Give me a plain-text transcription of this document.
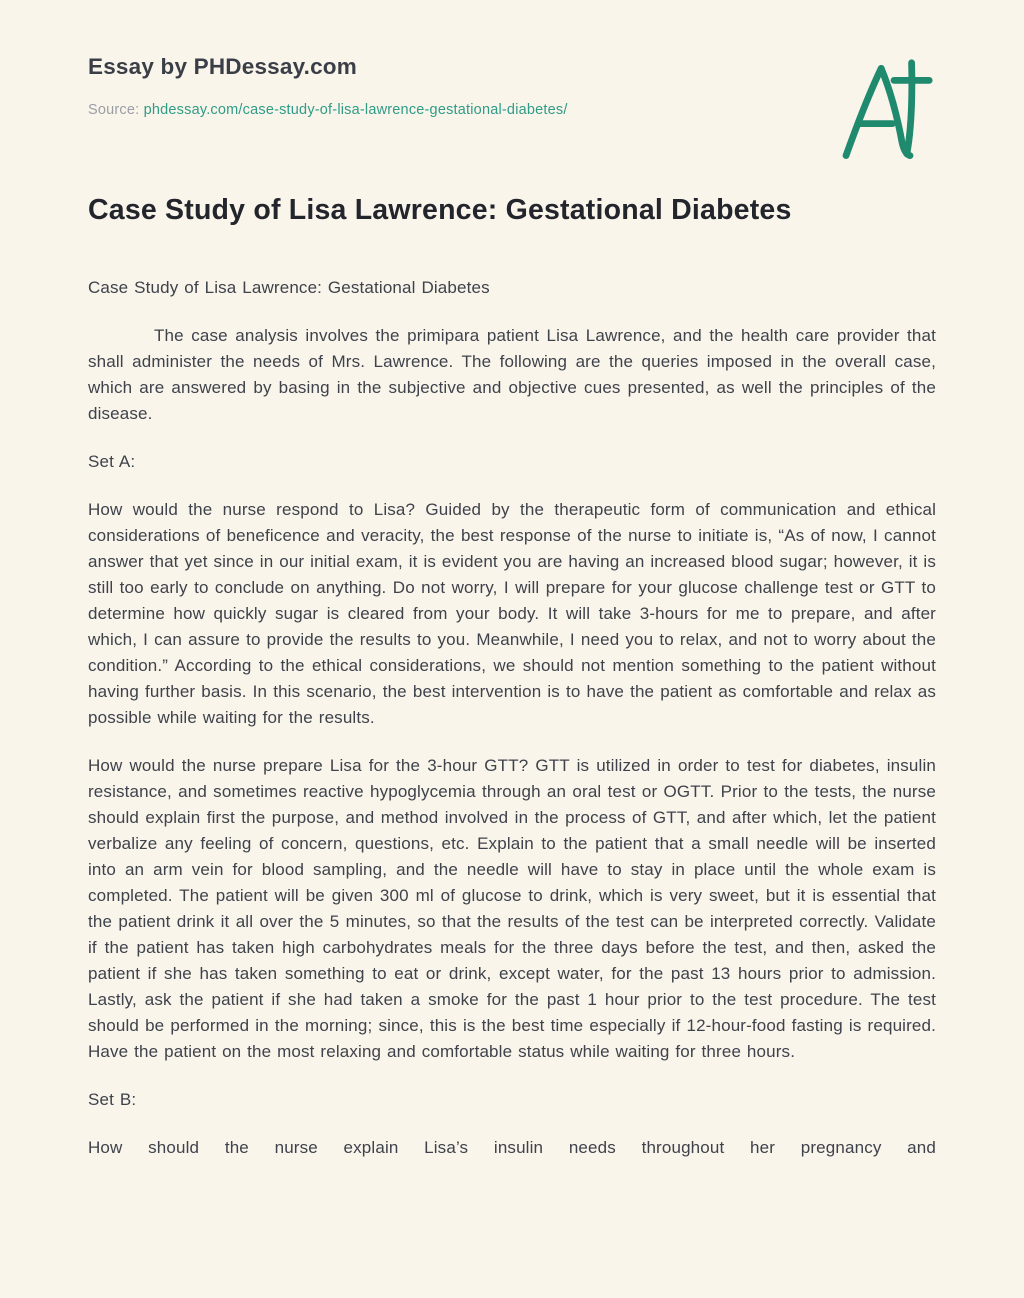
Essay by PHDessay.com

Source: phdessay.com/case-study-of-lisa-lawrence-gestational-diabetes/

Case Study of Lisa Lawrence: Gestational Diabetes

Case Study of Lisa Lawrence: Gestational Diabetes

The case analysis involves the primipara patient Lisa Lawrence, and the health care provider that shall administer the needs of Mrs. Lawrence. The following are the queries imposed in the overall case, which are answered by basing in the subjective and objective cues presented, as well the principles of the disease.

Set A:

How would the nurse respond to Lisa? Guided by the therapeutic form of communication and ethical considerations of beneficence and veracity, the best response of the nurse to initiate is, “As of now, I cannot answer that yet since in our initial exam, it is evident you are having an increased blood sugar; however, it is still too early to conclude on anything. Do not worry, I will prepare for your glucose challenge test or GTT to determine how quickly sugar is cleared from your body. It will take 3-hours for me to prepare, and after which, I can assure to provide the results to you. Meanwhile, I need you to relax, and not to worry about the condition.” According to the ethical considerations, we should not mention something to the patient without having further basis. In this scenario, the best intervention is to have the patient as comfortable and relax as possible while waiting for the results.

How would the nurse prepare Lisa for the 3-hour GTT? GTT is utilized in order to test for diabetes, insulin resistance, and sometimes reactive hypoglycemia through an oral test or OGTT. Prior to the tests, the nurse should explain first the purpose, and method involved in the process of GTT, and after which, let the patient verbalize any feeling of concern, questions, etc. Explain to the patient that a small needle will be inserted into an arm vein for blood sampling, and the needle will have to stay in place until the whole exam is completed. The patient will be given 300 ml of glucose to drink, which is very sweet, but it is essential that the patient drink it all over the 5 minutes, so that the results of the test can be interpreted correctly. Validate if the patient has taken high carbohydrates meals for the three days before the test, and then, asked the patient if she has taken something to eat or drink, except water, for the past 13 hours prior to admission. Lastly, ask the patient if she had taken a smoke for the past 1 hour prior to the test procedure. The test should be performed in the morning; since, this is the best time especially if 12-hour-food fasting is required. Have the patient on the most relaxing and comfortable status while waiting for three hours.

Set B:

How should the nurse explain Lisa’s insulin needs throughout her pregnancy and
